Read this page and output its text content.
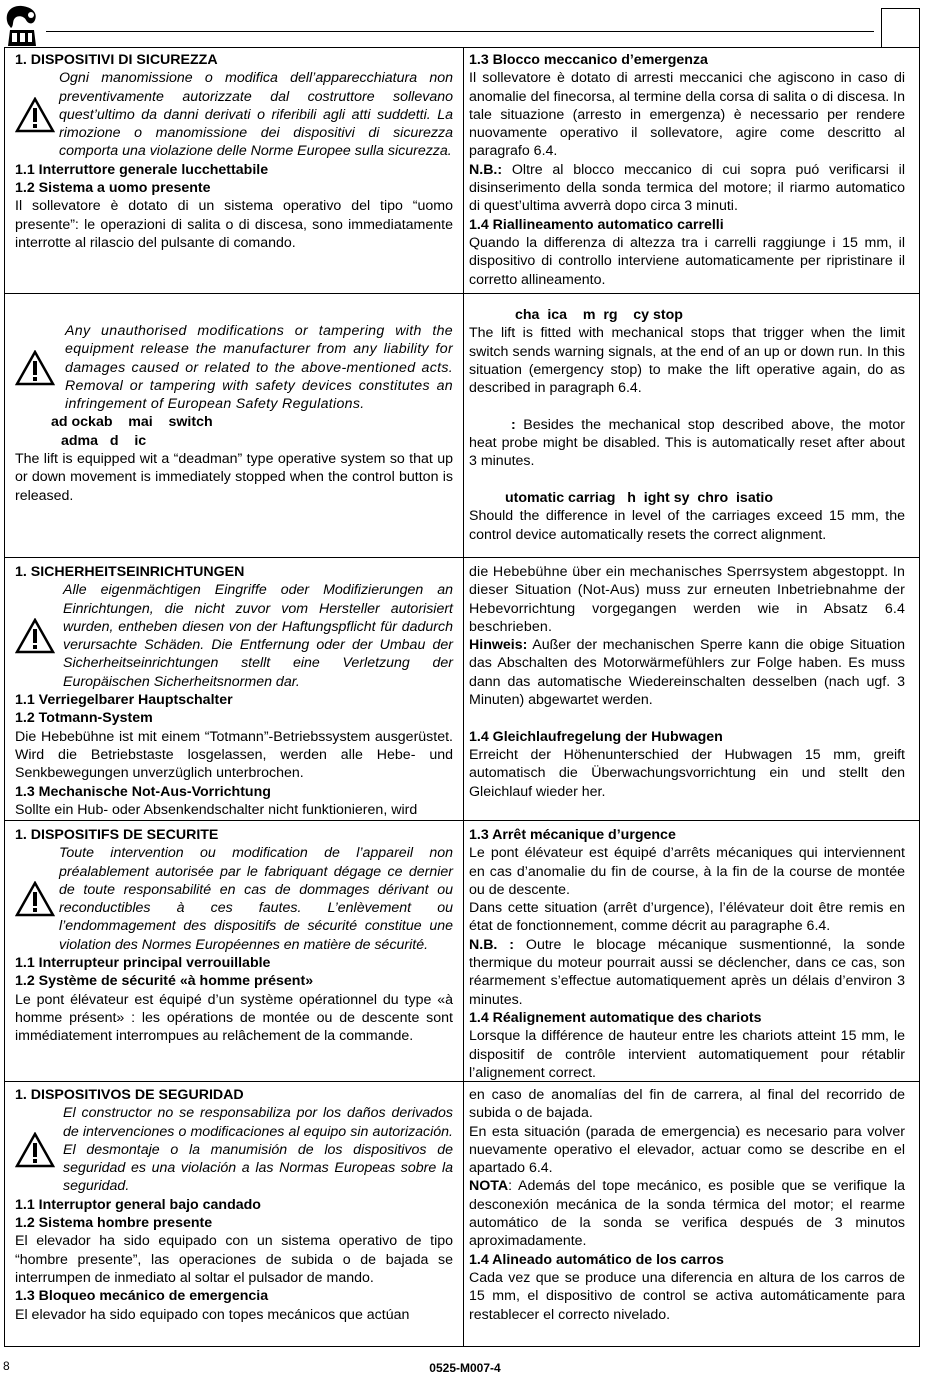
1. DISPOSITIVI DI SICUREZZA

Ogni manomissione o modifica dell’apparecchiatura non preventivamente autorizzate dal costruttore sollevano quest’ultimo da danni derivati o riferibili agli atti suddetti. La rimozione o manomissione dei dispositivi di sicurezza comporta una violazione delle Norme Europee sulla sicurezza.

1.1 Interruttore generale lucchettabile
1.2 Sistema a uomo presente

Il sollevatore è dotato di un sistema operativo del tipo “uomo presente”: le operazioni di salita o di discesa, sono immediatamente interrotte al rilascio del pulsante di comando.

1.3 Blocco meccanico d’emergenza

Il sollevatore è dotato di arresti meccanici che agiscono in caso di anomalie del finecorsa, al termine della corsa di salita o di discesa. In tale situazione (arresto in emergenza) è necessario per rendere nuovamente operativo il sollevatore, agire come descritto al paragrafo 6.4.

N.B.: Oltre al blocco meccanico di cui sopra puó verificarsi il disinserimento della sonda termica del motore; il riarmo automatico di quest’ultima avverrà dopo circa 3 minuti.

1.4 Riallineamento automatico carrelli

Quando la differenza di altezza tra i carrelli raggiunge i 15 mm, il dispositivo di controllo interviene automaticamente per ripristinare il corretto allineamento.

Any unauthorised modifications or tampering with the equipment release the manufacturer from any liability for damages caused or related to the above-mentioned acts. Removal or tampering with safety devices constitutes an infringement of European Safety Regulations.

ad ockab    mai    switch
adma   d    ic

The lift is equipped wit a “deadman” type operative system so that up or down movement is immediately stopped when the control button is released.

cha  ica    m  rg    cy stop

The lift is fitted with mechanical stops that trigger when the limit switch sends warning signals, at the end of an up or down run. In this situation (emergency stop) to make the lift operative again, do as described in paragraph 6.4.

: Besides the mechanical stop described above, the motor heat probe might be disabled. This is automatically reset after about 3 minutes.

utomatic carriag   h  ight sy  chro  isatio

Should the difference in level of the carriages exceed 15 mm, the control device automatically resets the correct alignment.

1. SICHERHEITSEINRICHTUNGEN

Alle eigenmächtigen Eingriffe oder Modifizierungen an Einrichtungen, die nicht zuvor vom Hersteller autorisiert wurden, entheben diesen von der Haftungspflicht für dadurch verursachte Schäden. Die Entfernung oder der Umbau der Sicherheitseinrichtungen stellt eine Verletzung der Europäischen Sicherheitsnormen dar.

1.1 Verriegelbarer Hauptschalter
1.2 Totmann-System

Die Hebebühne ist mit einem “Totmann”-Betriebssystem ausgerüstet. Wird die Betriebstaste losgelassen, werden alle Hebe- und Senkbewegungen unverzüglich unterbrochen.

1.3 Mechanische Not-Aus-Vorrichtung

Sollte ein Hub- oder Absenkendschalter nicht funktionieren, wird

die Hebebühne über ein mechanisches Sperrsystem abgestoppt. In dieser Situation (Not-Aus) muss zur erneuten Inbetriebnahme der Hebevorrichtung vorgegangen werden wie in Absatz 6.4 beschrieben.

Hinweis: Außer der mechanischen Sperre kann die obige Situation das Abschalten des Motorwärmefühlers zur Folge haben. Es muss dann das automatische Wiedereinschalten desselben (nach ugf. 3 Minuten) abgewartet werden.

1.4 Gleichlaufregelung der Hubwagen

Erreicht der Höhenunterschied der Hubwagen 15 mm, greift automatisch die Überwachungsvorrichtung ein und stellt den Gleichlauf wieder her.

1. DISPOSITIFS DE SECURITE

Toute intervention ou modification de l’appareil non préalablement autorisée par le fabriquant dégage ce dernier de toute responsabilité en cas de dommages dérivant ou reconductibles à ces fautes. L’enlèvement ou l’endommagement des dispositifs de sécurité constitue une violation des Normes Européennes en matière de sécurité.

1.1 Interrupteur principal verrouillable
1.2 Système de sécurité «à homme présent»

Le pont élévateur est équipé d’un système opérationnel du type «à homme présent» : les opérations de montée ou de descente sont immédiatement interrompues au relâchement de la commande.

1.3 Arrêt mécanique d’urgence

Le pont élévateur est équipé d’arrêts mécaniques qui interviennent en cas d’anomalie du fin de course, à la fin de la course de montée ou de descente.

Dans cette situation (arrêt d’urgence), l’élévateur doit être remis en état de fonctionnement, comme décrit au paragraphe 6.4.

N.B. : Outre le blocage mécanique susmentionné, la sonde thermique du moteur pourrait aussi se déclencher, dans ce cas, son réarmement s’effectue automatiquement après un délais d’environ 3 minutes.

1.4 Réalignement automatique des chariots

Lorsque la différence de hauteur entre les chariots atteint 15 mm, le dispositif de contrôle intervient automatiquement pour rétablir l’alignement correct.

1. DISPOSITIVOS DE SEGURIDAD

El constructor no se responsabiliza por los daños derivados de intervenciones o modificaciones al equipo sin autorización. El desmontaje o la manumisión de los dispositivos de seguridad es una violación a las Normas Europeas sobre la seguridad.

1.1 Interruptor general bajo candado
1.2 Sistema hombre presente

El elevador ha sido equipado con un sistema operativo de tipo “hombre presente”, las operaciones de subida o de bajada se interrumpen de inmediato al soltar el pulsador de mando.

1.3 Bloqueo mecánico de emergencia

El elevador ha sido equipado con topes mecánicos que actúan

en caso de anomalías del fin de carrera, al final del recorrido de subida o de bajada.

En esta situación (parada de emergencia) es necesario para volver nuevamente operativo el elevador, actuar como se describe en el apartado 6.4.

NOTA: Además del tope mecánico, es posible que se verifique la desconexión mecánica de la sonda térmica del motor; el rearme automático de la sonda se verifica después de 3 minutos aproximadamente.

1.4 Alineado automático de los carros

Cada vez que se produce una diferencia en altura de los carros de 15 mm, el dispositivo de control se activa automáticamente para restablecer el correcto nivelado.

8	0525-M007-4
